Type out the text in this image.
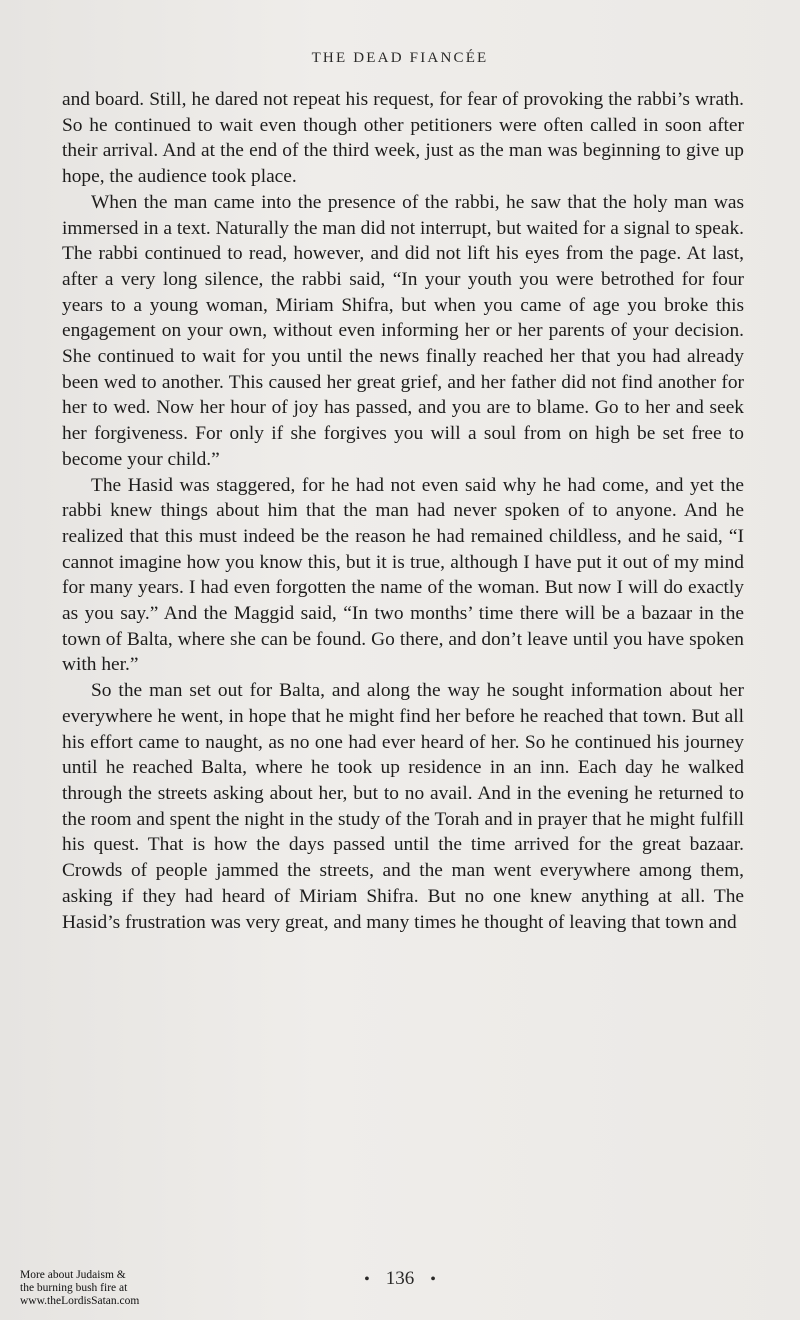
THE DEAD FIANCÉE

and board. Still, he dared not repeat his request, for fear of provoking the rabbi’s wrath. So he continued to wait even though other petitioners were often called in soon after their arrival. And at the end of the third week, just as the man was beginning to give up hope, the audience took place.

When the man came into the presence of the rabbi, he saw that the holy man was immersed in a text. Naturally the man did not interrupt, but waited for a signal to speak. The rabbi continued to read, however, and did not lift his eyes from the page. At last, after a very long silence, the rabbi said, “In your youth you were betrothed for four years to a young woman, Miriam Shifra, but when you came of age you broke this engagement on your own, without even informing her or her parents of your decision. She continued to wait for you until the news finally reached her that you had already been wed to another. This caused her great grief, and her father did not find another for her to wed. Now her hour of joy has passed, and you are to blame. Go to her and seek her forgiveness. For only if she forgives you will a soul from on high be set free to become your child.”

The Hasid was staggered, for he had not even said why he had come, and yet the rabbi knew things about him that the man had never spoken of to anyone. And he realized that this must indeed be the reason he had remained childless, and he said, “I cannot imagine how you know this, but it is true, although I have put it out of my mind for many years. I had even forgotten the name of the woman. But now I will do exactly as you say.” And the Maggid said, “In two months’ time there will be a bazaar in the town of Balta, where she can be found. Go there, and don’t leave until you have spoken with her.”

So the man set out for Balta, and along the way he sought information about her everywhere he went, in hope that he might find her before he reached that town. But all his effort came to naught, as no one had ever heard of her. So he continued his journey until he reached Balta, where he took up residence in an inn. Each day he walked through the streets asking about her, but to no avail. And in the evening he returned to the room and spent the night in the study of the Torah and in prayer that he might fulfill his quest. That is how the days passed until the time arrived for the great bazaar. Crowds of people jammed the streets, and the man went everywhere among them, asking if they had heard of Miriam Shifra. But no one knew anything at all. The Hasid’s frustration was very great, and many times he thought of leaving that town and

• 136 •
More about Judaism &
the burning bush fire at
www.theLordisSatan.com
